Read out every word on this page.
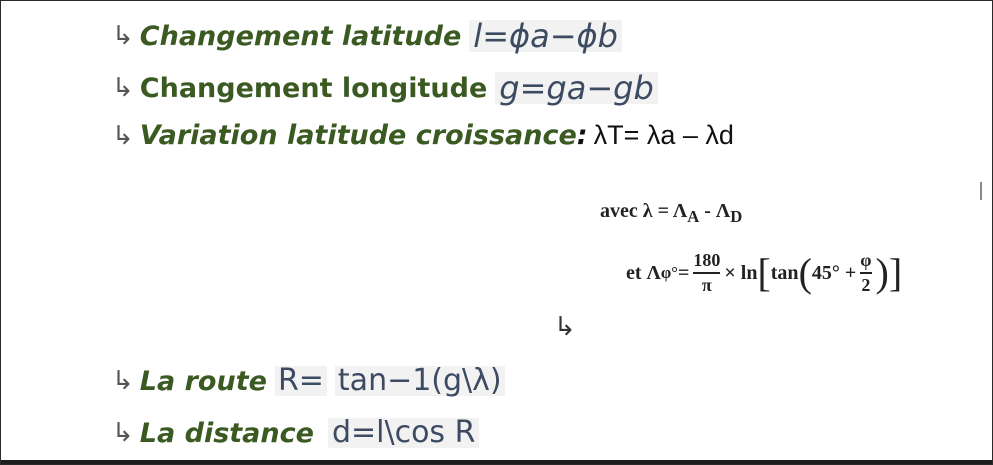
↳ Changement latitude l=ϕa−ϕb
↳ Changement longitude g=ga−gb
↳ Variation latitude croissance : λT= λa – λd
avec $\lambda = \Lambda_A - \Lambda_D$
et Λ φ ° = $\frac{180}{\pi} \times \ln$ [ tan ( $45^\circ + \frac{\varphi}{2}$ )]
↳
↳ La route R= tan−1(g\λ)
↳ La distance d=l\cos R
